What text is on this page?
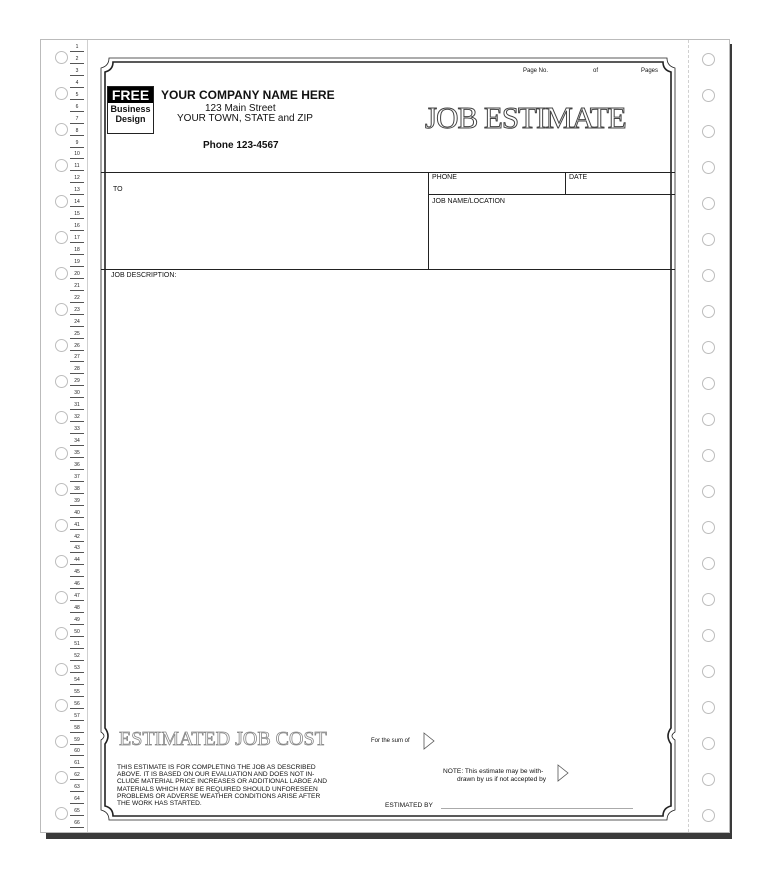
1
2
3
4
5
6
7
8
9
10
11
12
13
14
15
16
17
18
19
20
21
22
23
24
25
26
27
28
29
30
31
32
33
34
35
36
37
38
39
40
41
42
43
44
45
46
47
48
49
50
51
52
53
54
55
56
57
58
59
60
61
62
63
64
65
66
FREE
Business
Design
YOUR COMPANY NAME HERE
123 Main Street
YOUR TOWN, STATE and ZIP
Phone 123-4567
Page No.	of	Pages
JOB ESTIMATE
TO
PHONE	DATE
JOB NAME/LOCATION
JOB DESCRIPTION:
ESTIMATED JOB COST	For the sum of
THIS ESTIMATE IS FOR COMPLETING THE JOB AS DESCRIBED
ABOVE. IT IS BASED ON OUR EVALUATION AND DOES NOT IN-
CLUDE MATERIAL PRICE INCREASES OR ADDITIONAL LABOE AND
MATERIALS WHICH MAY BE REQUIRED SHOULD UNFORESEEN
PROBLEMS OR ADVERSE WEATHER CONDITIONS ARISE AFTER
THE WORK HAS STARTED.
NOTE: This estimate may be with-
drawn by us if not accepted by
ESTIMATED BY
